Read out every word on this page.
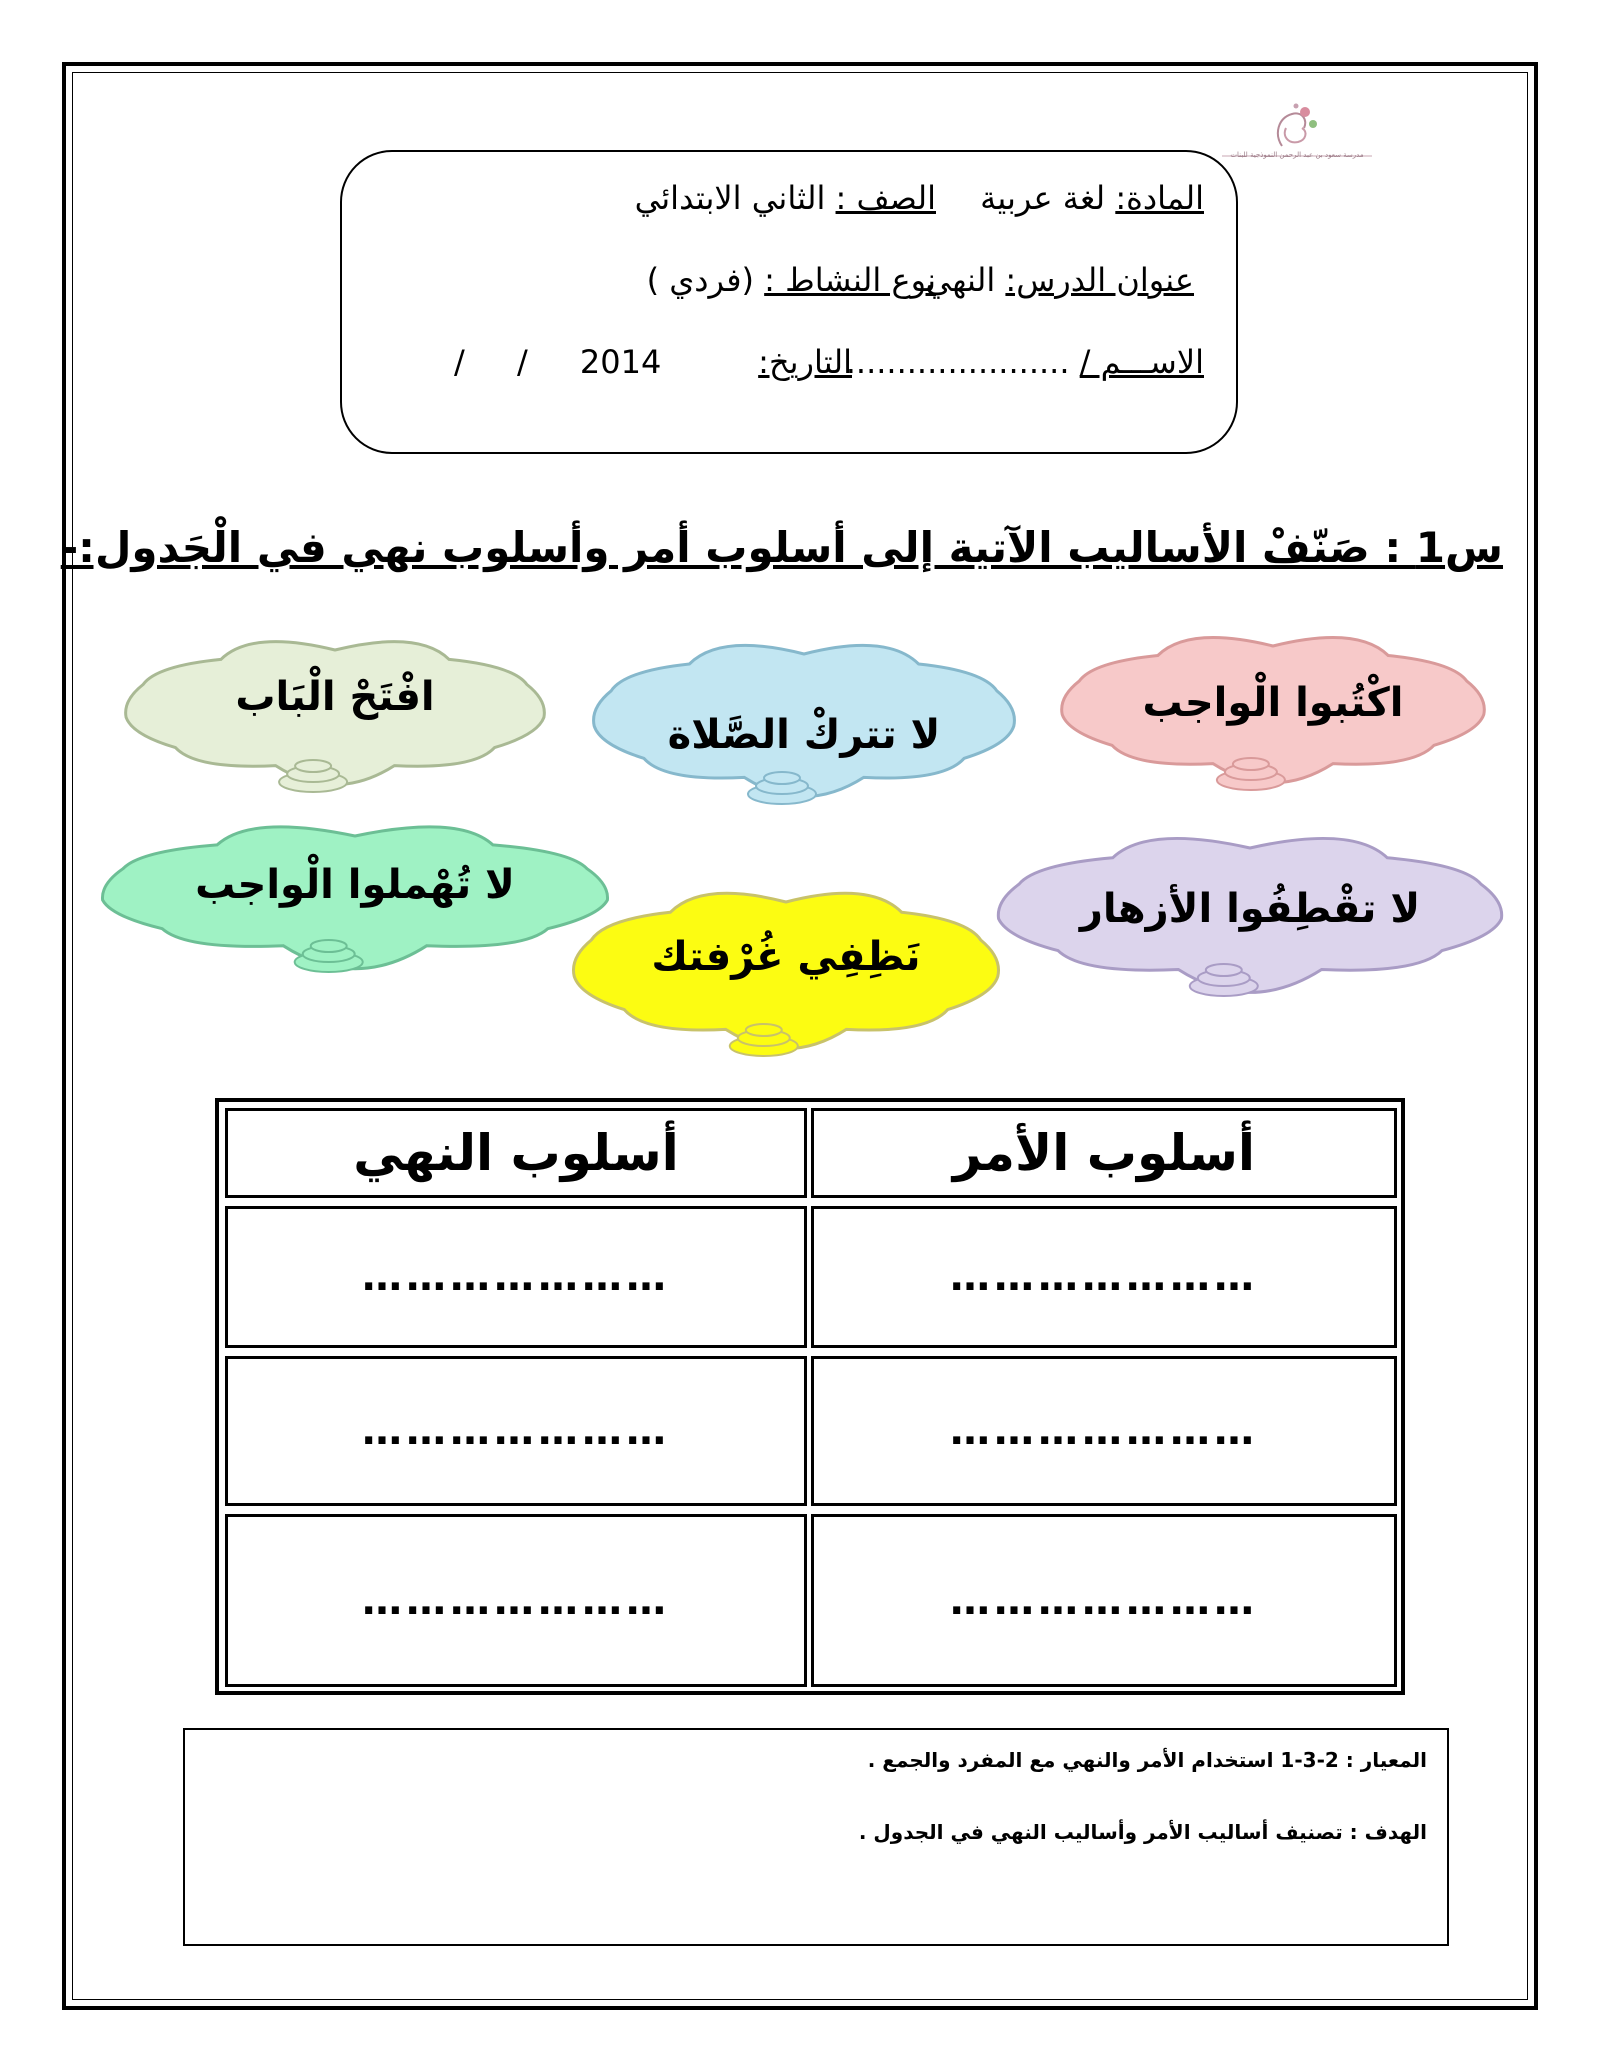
مدرسة سعود بن عبد الرحمن النموذجية للبنات
المادة: لغة عربية
الصف : الثاني الابتدائي
عنوان الدرس: النهي
نوع النشاط : (فردي )
الاســـم / ......................
التاريخ:
/ / 2014
س1 : صَنّفْ الأساليب الآتية إلى أسلوب أمر وأسلوب نهي في الْجَدول:-
اكْتُبوا الْواجب
لا تتركْ الصَّلاة
افْتَحْ الْبَاب
لا تقْطِفُوا الأزهار
نَظِفِي غُرْفتك
لا تُهْملوا الْواجب
أسلوب الأمر
أسلوب النهي
…………………
…………………
…………………
…………………
…………………
…………………
المعيار : 2-3-1 استخدام الأمر والنهي مع المفرد والجمع .
الهدف : تصنيف أساليب الأمر وأساليب النهي في الجدول .
